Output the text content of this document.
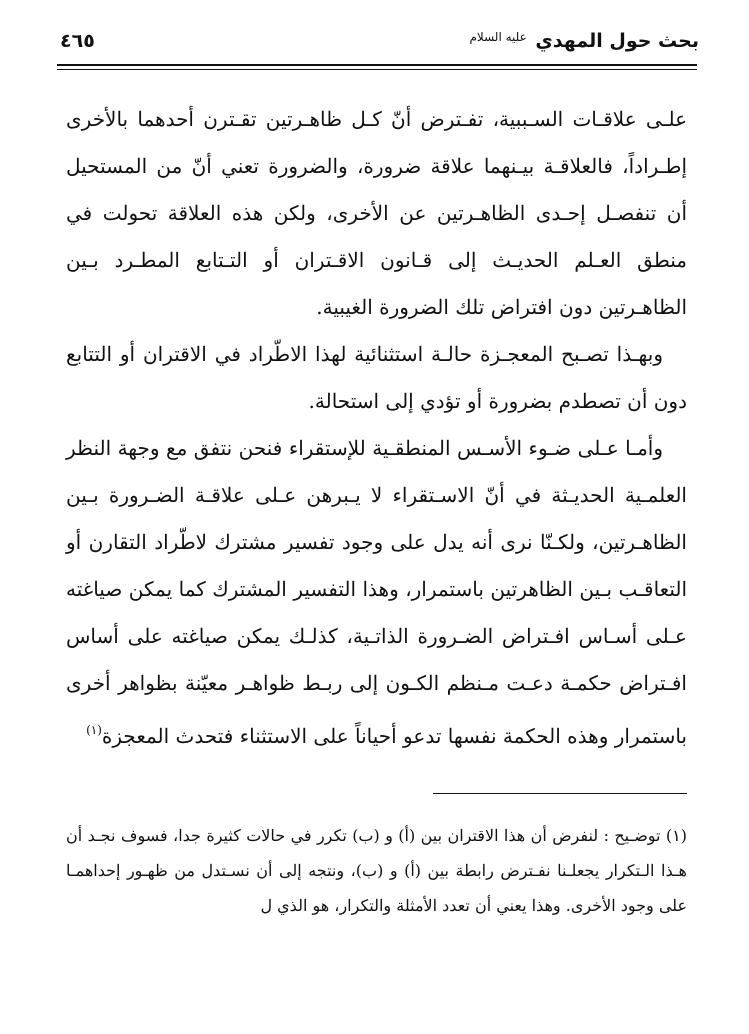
بحث حول المهدي $^{عليه السلام}$
٤٦٥

علـى علاقـات السـببية، تفـترض أنّ كـل ظاهـرتين تقـترن أحدهما بالأخرى إطـراداً، فالعلاقـة بيـنهما علاقة ضرورة، والضرورة تعني أنّ من المستحيل أن تنفصـل إحـدى الظاهـرتين عن الأخرى، ولكن هذه العلاقة تحولت في منطق العـلم الحديـث إلى قـانون الاقـتران أو التـتابع المطـرد بـين الظاهـرتين دون افتراض تلك الضرورة الغيبية.

وبهـذا تصـبح المعجـزة حالـة استثنائية لهذا الاطّراد في الاقتران أو التتابع دون أن تصطدم بضرورة أو تؤدي إلى استحالة.

وأمـا عـلى ضـوء الأسـس المنطقـية للإستقراء فنحن نتفق مع وجهة النظر العلمـية الحديـثة في أنّ الاسـتقراء لا يـبرهن عـلى علاقـة الضـرورة بـين الظاهـرتين، ولكـنّا نرى أنه يدل على وجود تفسير مشترك لاطّراد التقارن أو التعاقـب بـين الظاهرتين باستمرار، وهذا التفسير المشترك كما يمكن صياغته عـلى أسـاس افـتراض الضـرورة الذاتـية، كذلـك يمكن صياغته على أساس افـتراض حكمـة دعـت مـنظم الكـون إلى ربـط ظواهـر معيّنة بظواهر أخرى باستمرار وهذه الحكمة نفسها تدعو أحياناً على الاستثناء فتحدث المعجزة$^{(١)}$

(١) توضـيح : لنفرض أن هذا الاقتران بين (أ) و (ب) تكرر في حالات كثيرة جدا، فسوف نجـد أن هـذا الـتكرار يجعلـنا نفـترض رابطة بين (أ) و (ب)، ونتجه إلى أن نسـتدل من ظهـور إحداهمـا على وجود الأخرى. وهذا يعني أن تعدد الأمثلة والتكرار، هو الذي ل
